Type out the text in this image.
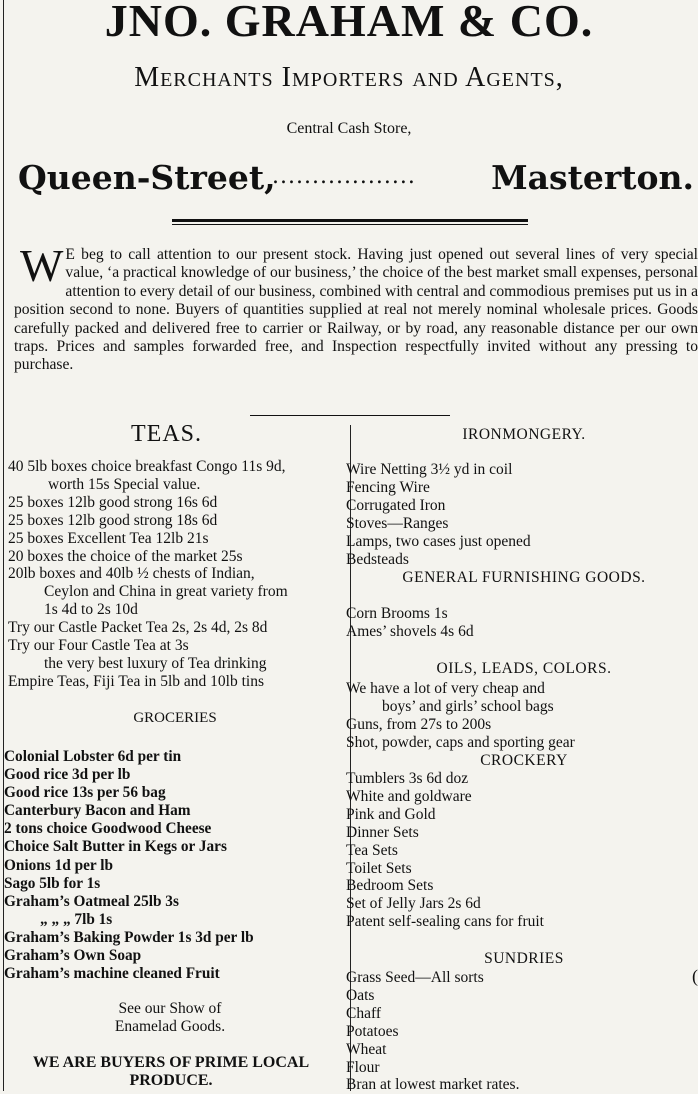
JNO. GRAHAM & CO.
Merchants Importers and Agents,
Central Cash Store,
Queen-Street,
.................. Masterton.
W E beg to call attention to our present stock. Having just opened out several lines of very special value, ‘a practical knowledge of our business,’ the choice of the best market small expenses, personal attention to every detail of our business, combined with central and commodious premises put us in a position second to none. Buyers of quantities supplied at real not merely nominal wholesale prices. Goods carefully packed and delivered free to carrier or Railway, or by road, any reasonable distance per our own traps. Prices and samples forwarded free, and Inspection respectfully invited without any pressing to purchase.
TEAS.
40 5lb boxes choice breakfast Congo 11s 9d,
worth 15s Special value.
25 boxes 12lb good strong 16s 6d
25 boxes 12lb good strong 18s 6d
25 boxes Excellent Tea 12lb 21s
20 boxes the choice of the market 25s
20lb boxes and 40lb ½ chests of Indian,
Ceylon and China in great variety from
1s 4d to 2s 10d
Try our Castle Packet Tea 2s, 2s 4d, 2s 8d
Try our Four Castle Tea at 3s
the very best luxury of Tea drinking
Empire Teas, Fiji Tea in 5lb and 10lb tins
GROCERIES
Colonial Lobster 6d per tin
Good rice 3d per lb
Good rice 13s per 56 bag
Canterbury Bacon and Ham
2 tons choice Goodwood Cheese
Choice Salt Butter in Kegs or Jars
Onions 1d per lb
Sago 5lb for 1s
Graham’s Oatmeal 25lb 3s
„ „ „ 7lb 1s
Graham’s Baking Powder 1s 3d per lb
Graham’s Own Soap
Graham’s machine cleaned Fruit
See our Show of
Enamelad Goods.
WE ARE BUYERS OF PRIME LOCAL
PRODUCE.
IRONMONGERY.
Wire Netting 3½ yd in coil
Fencing Wire
Corrugated Iron
Stoves—Ranges
Lamps, two cases just opened
Bedsteads
GENERAL FURNISHING GOODS.
Corn Brooms 1s
Ames’ shovels 4s 6d
OILS, LEADS, COLORS.
We have a lot of very cheap and
boys’ and girls’ school bags
Guns, from 27s to 200s
Shot, powder, caps and sporting gear
CROCKERY
Tumblers 3s 6d doz
White and goldware
Pink and Gold
Dinner Sets
Tea Sets
Toilet Sets
Bedroom Sets
Set of Jelly Jars 2s 6d
Patent self-sealing cans for fruit
SUNDRIES
Grass Seed—All sorts
Oats
Chaff
Potatoes
Wheat
Flour
Bran at lowest market rates.
(
